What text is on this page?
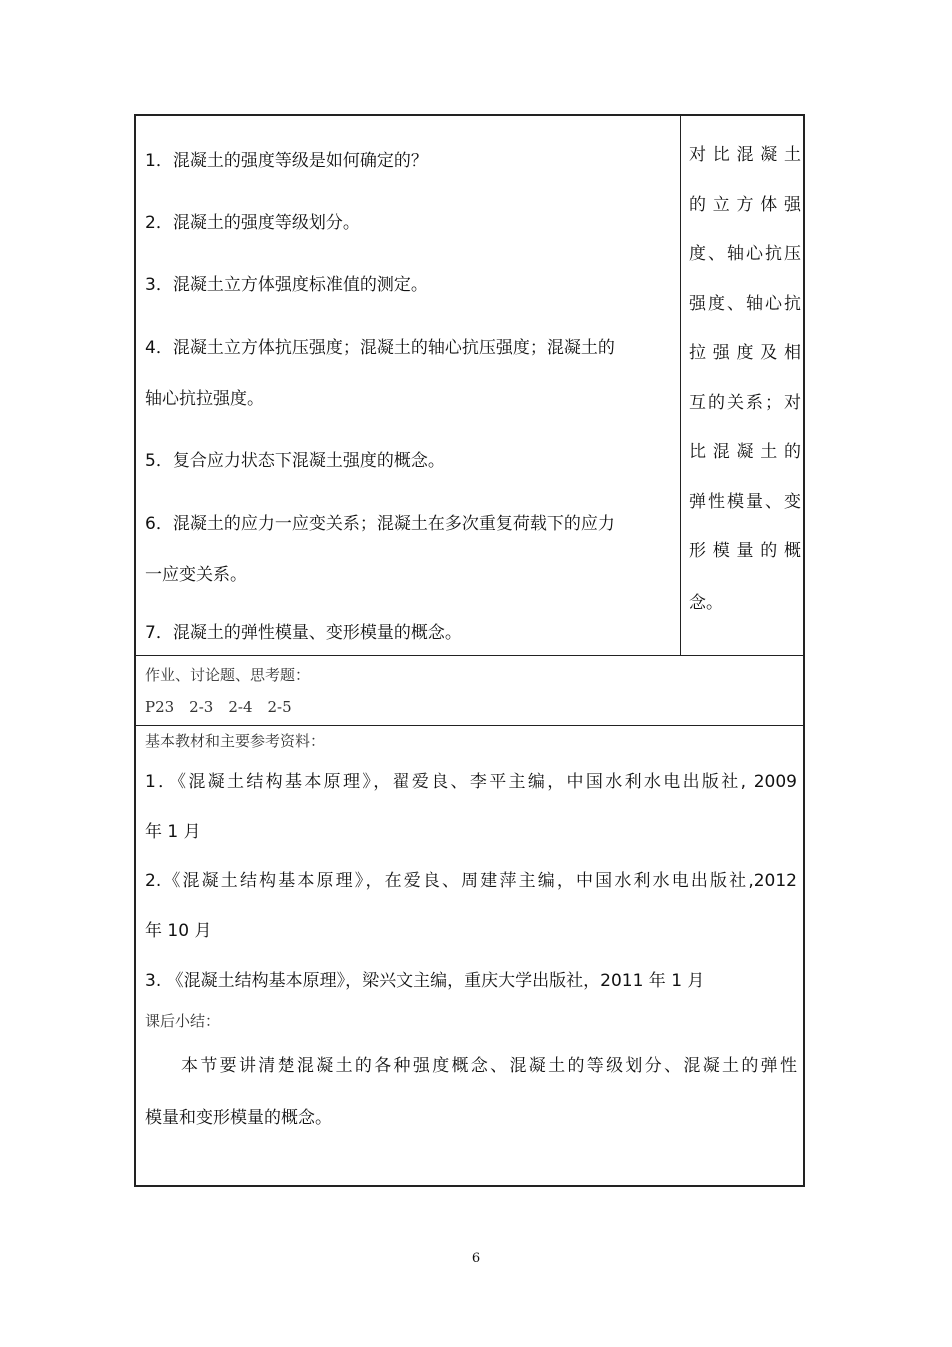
1．混凝土的强度等级是如何确定的？
2．混凝土的强度等级划分。
3．混凝土立方体强度标准值的测定。
4．混凝土立方体抗压强度；混凝土的轴心抗压强度；混凝土的
轴心抗拉强度。
5．复合应力状态下混凝土强度的概念。
6．混凝土的应力一应变关系；混凝土在多次重复荷载下的应力
一应变关系。
7．混凝土的弹性模量、变形模量的概念。
对比混凝土
的立方体强
度、轴心抗压
强度、轴心抗
拉强度及相
互的关系；对
比混凝土的
弹性模量、变
形模量的概
念。
作业、讨论题、思考题：
P23　2-3　2-4　2-5
基本教材和主要参考资料：
1．《混凝土结构基本原理》，翟爱良、李平主编，中国水利水电出版社, 2009
年 1 月
2.《混凝土结构基本原理》，在爱良、周建萍主编，中国水利水电出版社,2012
年 10 月
3. 《混凝土结构基本原理》，梁兴文主编，重庆大学出版社，2011 年 1 月
课后小结：
本节要讲清楚混凝土的各种强度概念、混凝土的等级划分、混凝土的弹性
模量和变形模量的概念。
6
